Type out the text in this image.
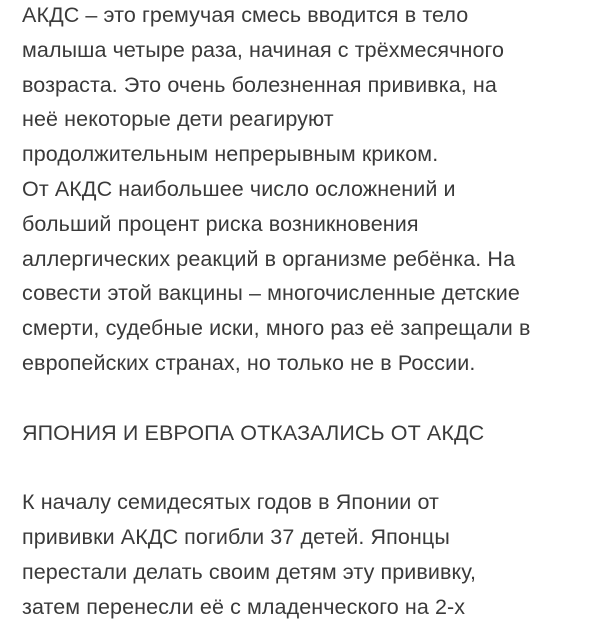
АКДС – это гремучая смесь вводится в тело
малыша четыре раза, начиная с трёхмесячного
возраста. Это очень болезненная прививка, на
неё некоторые дети реагируют
продолжительным непрерывным криком.
От АКДС наибольшее число осложнений и
больший процент риска возникновения
аллергических реакций в организме ребёнка. На
совести этой вакцины – многочисленные детские
смерти, судебные иски, много раз её запрещали в
европейских странах, но только не в России.
ЯПОНИЯ И ЕВРОПА ОТКАЗАЛИСЬ ОТ АКДС
К началу семидесятых годов в Японии от
прививки АКДС погибли 37 детей. Японцы
перестали делать своим детям эту прививку,
затем перенесли её с младенческого на 2-х
